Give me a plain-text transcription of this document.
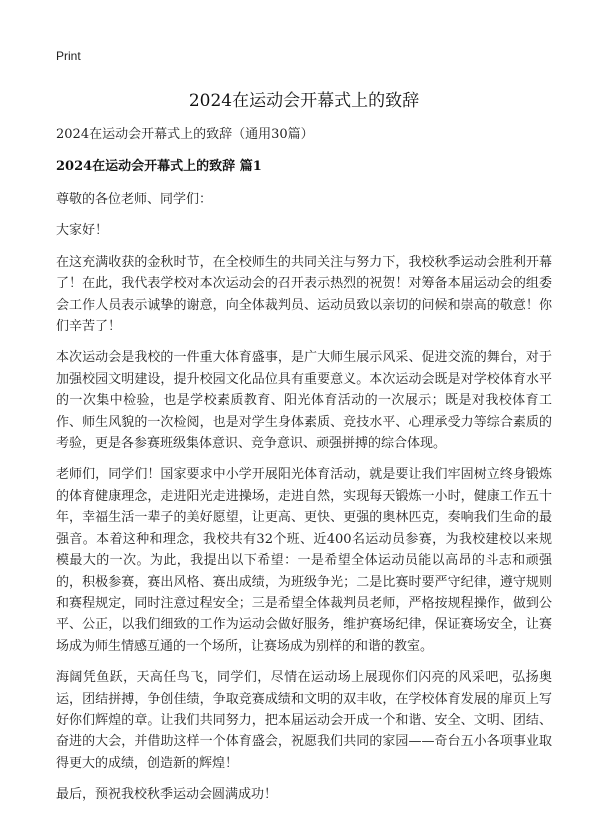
Print
2024在运动会开幕式上的致辞

2024在运动会开幕式上的致辞（通用30篇）

2024在运动会开幕式上的致辞 篇1

尊敬的各位老师、同学们：

大家好！

在这充满收获的金秋时节，在全校师生的共同关注与努力下，我校秋季运动会胜利开幕了！在此，我代表学校对本次运动会的召开表示热烈的祝贺！对筹备本届运动会的组委会工作人员表示诚挚的谢意，向全体裁判员、运动员致以亲切的问候和崇高的敬意！你们辛苦了！

本次运动会是我校的一件重大体育盛事，是广大师生展示风采、促进交流的舞台，对于加强校园文明建设，提升校园文化品位具有重要意义。本次运动会既是对学校体育水平的一次集中检验，也是学校素质教育、阳光体育活动的一次展示；既是对我校体育工作、师生风貌的一次检阅，也是对学生身体素质、竞技水平、心理承受力等综合素质的考验，更是各参赛班级集体意识、竞争意识、顽强拼搏的综合体现。

老师们，同学们！国家要求中小学开展阳光体育活动，就是要让我们牢固树立终身锻炼的体育健康理念，走进阳光走进操场，走进自然，实现每天锻炼一小时，健康工作五十年，幸福生活一辈子的美好愿望，让更高、更快、更强的奥林匹克，奏响我们生命的最强音。本着这种和理念，我校共有32个班、近400名运动员参赛，为我校建校以来规模最大的一次。为此，我提出以下希望：一是希望全体运动员能以高昂的斗志和顽强的，积极参赛，赛出风格、赛出成绩，为班级争光；二是比赛时要严守纪律，遵守规则和赛程规定，同时注意过程安全；三是希望全体裁判员老师，严格按规程操作，做到公平、公正，以我们细致的工作为运动会做好服务，维护赛场纪律，保证赛场安全，让赛场成为师生情感互通的一个场所，让赛场成为别样的和谐的教室。

海阔凭鱼跃，天高任鸟飞，同学们，尽情在运动场上展现你们闪亮的风采吧，弘扬奥运，团结拼搏，争创佳绩，争取竞赛成绩和文明的双丰收，在学校体育发展的扉页上写好你们辉煌的章。让我们共同努力，把本届运动会开成一个和谐、安全、文明、团结、奋进的大会，并借助这样一个体育盛会，祝愿我们共同的家园——奇台五小各项事业取得更大的成绩，创造新的辉煌！

最后，预祝我校秋季运动会圆满成功！
